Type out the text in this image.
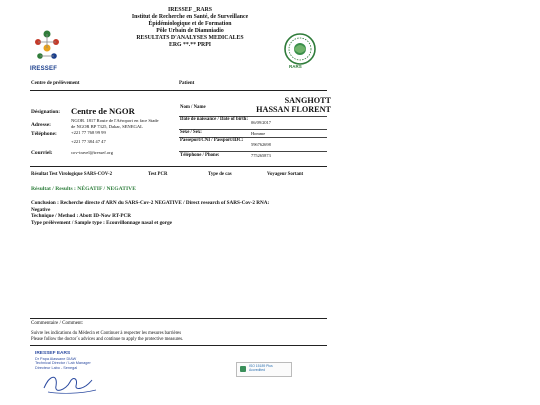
IRESSEF
IRESSEF _RARS
Institut de Recherche en Santé, de Surveillance
Épidémiologique et de Formation
Pôle Urbain de Diamniadio
RESULTATS D'ANALYSES MEDICALES
ERG **.** PRPI
RARS
Centre de prélèvement	Patient
Désignation: Centre de NGOR
Adresse:
NGOR. 1817 Route de l'Aéroport en face Stade
de NGOR BP 7325, Dakar, SENEGAL
Téléphone:	+221 77 768 99 99
+221 77 384 47 47
Courriel:	cov-travel@iressef.org
Nom / Name
SANGHOTT
HASSAN FLORENT
Date de naissance / Date of birth:
06/09/2017
Sexe / Sex:	Homme
Passeport/CNI / Passport/IDC:
596762698
Téléphone / Phone:	775265873
Résultat Test Virologique SARS-COV-2	Test PCR	Type de cas	Voyageur Sortant
Résultat / Results : NÉGATIF / NEGATIVE
Conclusion : Recherche directe d'ARN du SARS-Cov-2 NEGATIVE / Direct research of SARS-Cov-2 RNA:
Negative
Technique / Method : Abott ID-Now RT-PCR
Type prélèvement / Sample type : Ecouvillonnage nasal et gorge
Commentaire / Comment:
Suivre les indications du Médecin et Continuer à respecter les mesures barrières
Please follow the doctor`s advices and continue to apply the protective measures.
IRESSEF EARS
Dr Papa Alassane DIAW
Technical Director / Lab Manager
Directeur Labo - Senegal	ISO 15189 Plus
Accredited
